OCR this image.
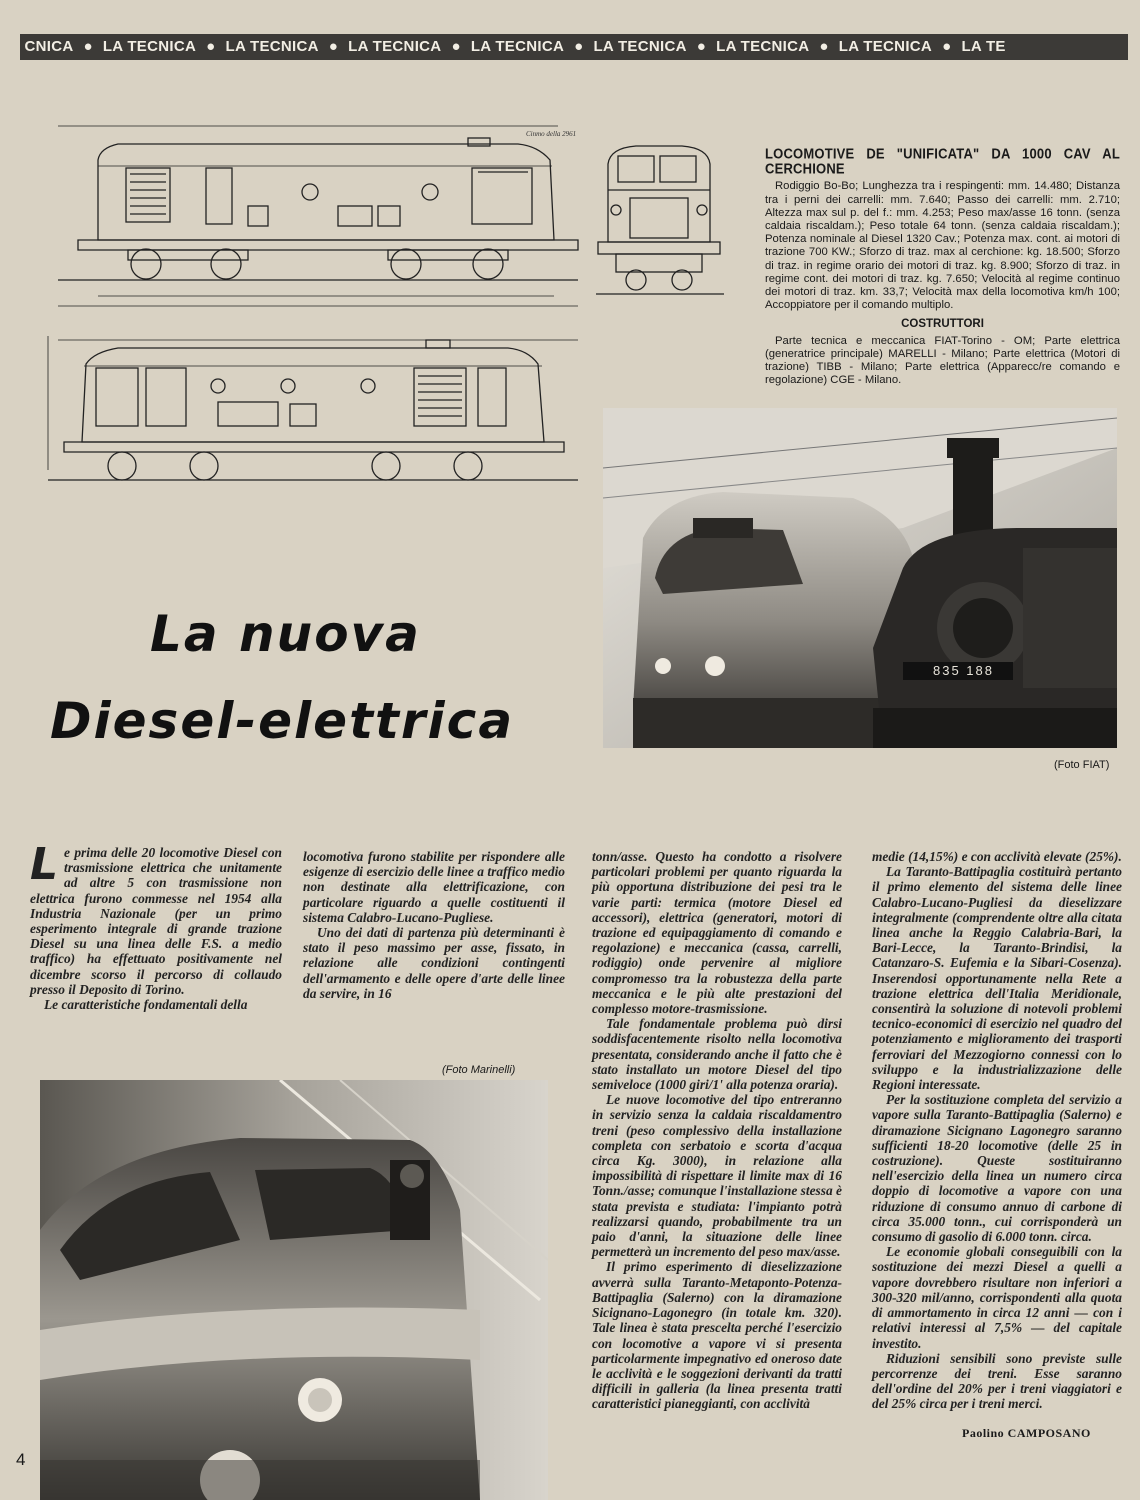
CNICA ● LA TECNICA ● LA TECNICA ● LA TECNICA ● LA TECNICA ● LA TECNICA ● LA TECNICA ● LA TECNICA ● LA TE
Cinmo della 2961
LOCOMOTIVE DE "UNIFICATA" DA 1000 CAV AL CERCHIONE

Rodiggio Bo-Bo; Lunghezza tra i respingenti: mm. 14.480; Distanza tra i perni dei carrelli: mm. 7.640; Passo dei carrelli: mm. 2.710; Altezza max sul p. del f.: mm. 4.253; Peso max/asse 16 tonn. (senza caldaia riscaldam.); Peso totale 64 tonn. (senza caldaia riscaldam.); Potenza nominale al Diesel 1320 Cav.; Potenza max. cont. ai motori di trazione 700 KW.; Sforzo di traz. max al cerchione: kg. 18.500; Sforzo di traz. in regime orario dei motori di traz. kg. 8.900; Sforzo di traz. in regime cont. dei motori di traz. kg. 7.650; Velocità al regime continuo dei motori di traz. km. 33,7; Velocità max della locomotiva km/h 100; Accoppiatore per il comando multiplo.

COSTRUTTORI

Parte tecnica e meccanica FIAT-Torino - OM; Parte elettrica (generatrice principale) MARELLI - Milano; Parte elettrica (Motori di trazione) TIBB - Milano; Parte elettrica (Apparecc/re comando e regolazione) CGE - Milano.

835 188
(Foto FIAT)
La nuova
Diesel-elettrica
L e prima delle 20 locomotive Diesel con trasmissione elettrica che unitamente ad altre 5 con trasmissione non elettrica furono commesse nel 1954 alla Industria Nazionale (per un primo esperimento integrale di grande trazione Diesel su una linea delle F.S. a medio traffico) ha effettuato positivamente nel dicembre scorso il percorso di collaudo presso il Deposito di Torino.

Le caratteristiche fondamentali della

locomotiva furono stabilite per rispondere alle esigenze di esercizio delle linee a traffico medio non destinate alla elettrificazione, con particolare riguardo a quelle costituenti il sistema Calabro-Lucano-Pugliese.

Uno dei dati di partenza più determinanti è stato il peso massimo per asse, fissato, in relazione alle condizioni contingenti dell'armamento e delle opere d'arte delle linee da servire, in 16

tonn/asse. Questo ha condotto a risolvere particolari problemi per quanto riguarda la più opportuna distribuzione dei pesi tra le varie parti: termica (motore Diesel ed accessori), elettrica (generatori, motori di trazione ed equipaggiamento di comando e regolazione) e meccanica (cassa, carrelli, rodiggio) onde pervenire al migliore compromesso tra la robustezza della parte meccanica e le più alte prestazioni del complesso motore-trasmissione.

Tale fondamentale problema può dirsi soddisfacentemente risolto nella locomotiva presentata, considerando anche il fatto che è stato installato un motore Diesel del tipo semiveloce (1000 giri/1' alla potenza oraria).

Le nuove locomotive del tipo entreranno in servizio senza la caldaia riscaldamentro treni (peso complessivo della installazione completa con serbatoio e scorta d'acqua circa Kg. 3000), in relazione alla impossibilità di rispettare il limite max di 16 Tonn./asse; comunque l'installazione stessa è stata prevista e studiata: l'impianto potrà realizzarsi quando, probabilmente tra un paio d'anni, la situazione delle linee permetterà un incremento del peso max/asse.

Il primo esperimento di dieselizzazione avverrà sulla Taranto-Metaponto-Potenza-Battipaglia (Salerno) con la diramazione Sicignano-Lagonegro (in totale km. 320). Tale linea è stata prescelta perché l'esercizio con locomotive a vapore vi si presenta particolarmente impegnativo ed oneroso date le acclività e le soggezioni derivanti da tratti difficili in galleria (la linea presenta tratti caratteristici pianeggianti, con acclività

medie (14,15%) e con acclività elevate (25%).

La Taranto-Battipaglia costituirà pertanto il primo elemento del sistema delle linee Calabro-Lucano-Pugliesi da dieselizzare integralmente (comprendente oltre alla citata linea anche la Reggio Calabria-Bari, la Bari-Lecce, la Taranto-Brindisi, la Catanzaro-S. Eufemia e la Sibari-Cosenza). Inserendosi opportunamente nella Rete a trazione elettrica dell'Italia Meridionale, consentirà la soluzione di notevoli problemi tecnico-economici di esercizio nel quadro del potenziamento e miglioramento dei trasporti ferroviari del Mezzogiorno connessi con lo sviluppo e la industrializzazione delle Regioni interessate.

Per la sostituzione completa del servizio a vapore sulla Taranto-Battipaglia (Salerno) e diramazione Sicignano Lagonegro saranno sufficienti 18-20 locomotive (delle 25 in costruzione). Queste sostituiranno nell'esercizio della linea un numero circa doppio di locomotive a vapore con una riduzione di consumo annuo di carbone di circa 35.000 tonn., cui corrisponderà un consumo di gasolio di 6.000 tonn. circa.

Le economie globali conseguibili con la sostituzione dei mezzi Diesel a quelli a vapore dovrebbero risultare non inferiori a 300-320 mil/anno, corrispondenti alla quota di ammortamento in circa 12 anni — con i relativi interessi al 7,5% — del capitale investito.

Riduzioni sensibili sono previste sulle percorrenze dei treni. Esse saranno dell'ordine del 20% per i treni viaggiatori e del 25% circa per i treni merci.

Paolino CAMPOSANO
(Foto Marinelli)
4
